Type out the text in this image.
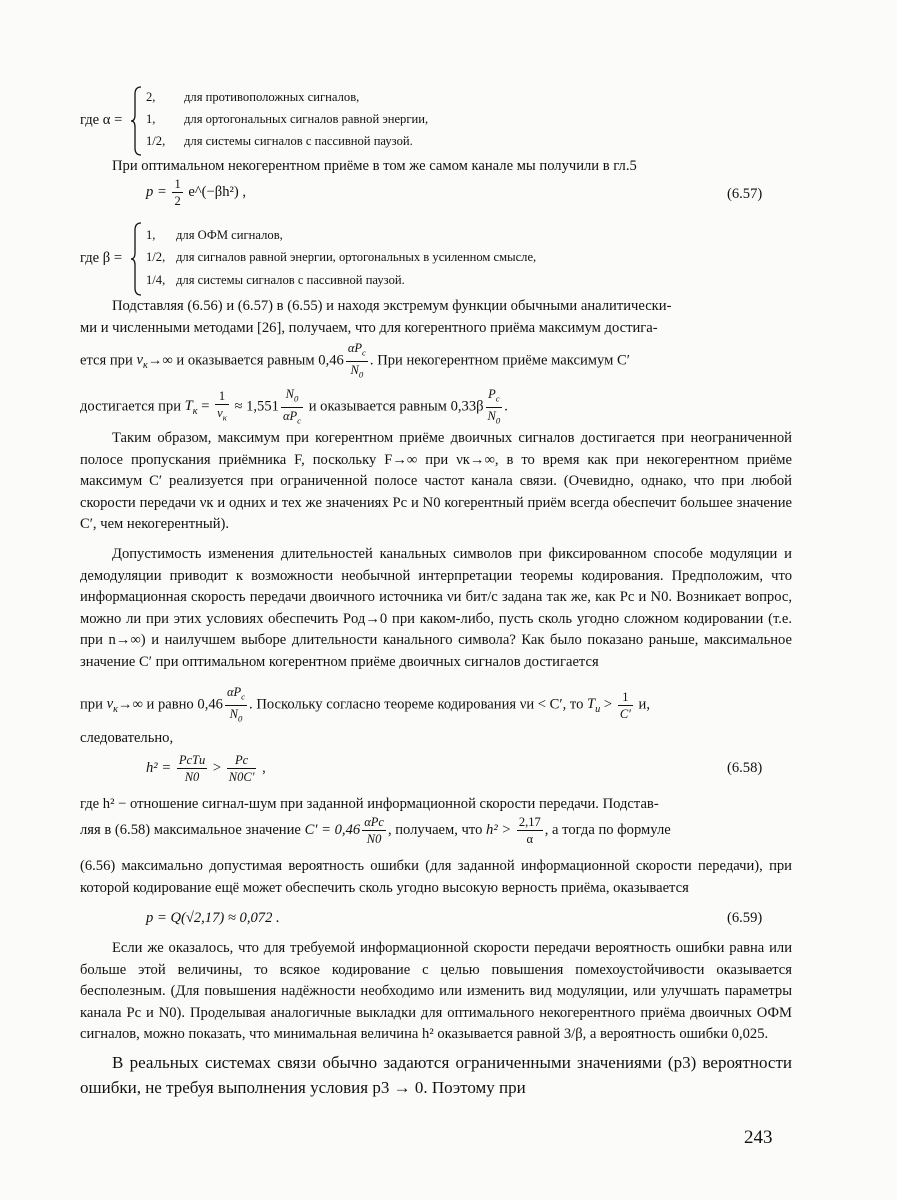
где α =
2, для противоположных сигналов,
1, для ортогональных сигналов равной энергии,
1/2, для системы сигналов с пассивной паузой.
При оптимальном некогерентном приёме в том же самом канале мы получили в гл.5
$p = \frac{1}{2}$ e^(−βh²) ,	(6.57)
где β =
1, для ОФМ сигналов,
1/2, для сигналов равной энергии, ортогональных в усиленном смысле,
1/4, для системы сигналов с пассивной паузой.

Подставляя (6.56) и (6.57) в (6.55) и находя экстремум функции обычными аналитически-

ми и численными методами [26], получаем, что для когерентного приёма максимум достига-

ется при $\nu_к\to\infty$ и оказывается равным $0,46 \frac{\alpha P_c}{N_0}$ . При некогерентном приёме максимум C′
достигается при $T_к = \frac{1}{\nu_к} \approx 1,551 \frac{N_0}{\alpha P_c}$ и оказывается равным $0,33\beta \frac{P_c}{N_0}$ .
Таким образом, максимум при когерентном приёме двоичных сигналов достигается при неограниченной полосе пропускания приёмника F, поскольку F→∞ при νк→∞, в то время как при некогерентном приёме максимум C′ реализуется при ограниченной полосе частот канала связи. (Очевидно, однако, что при любой скорости передачи νк и одних и тех же значениях Pc и N0 когерентный приём всегда обеспечит большее значение C′, чем некогерентный).
Допустимость изменения длительностей канальных символов при фиксированном способе модуляции и демодуляции приводит к возможности необычной интерпретации теоремы кодирования. Предположим, что информационная скорость передачи двоичного источника νи бит/с задана так же, как Pc и N0. Возникает вопрос, можно ли при этих условиях обеспечить Pод→0 при каком-либо, пусть сколь угодно сложном кодировании (т.е. при n→∞) и наилучшем выборе длительности канального символа? Как было показано раньше, максимальное значение C′ при оптимальном когерентном приёме двоичных сигналов достигается
при $\nu_к\to\infty$ и равно $0,46 \frac{\alpha P_c}{N_0}$ . Поскольку согласно теореме кодирования νи < C′, то $T_и > \frac{1}{C'} и$,
следовательно,
$h^2 = \frac{\text{PcTи}}{N0} > \frac{Pc}{N0C'}$ ,	(6.58)
где h² − отношение сигнал-шум при заданной информационной скорости передачи. Подстав-
ляя в (6.58) максимальное значение $C' = 0,46 \frac{\text{αPc}}{N0}$ , получаем, что $h^2 > \frac{2,17}{\alpha}$ , а тогда по формуле
(6.56) максимально допустимая вероятность ошибки (для заданной информационной скорости передачи), при которой кодирование ещё может обеспечить сколь угодно высокую верность приёма, оказывается
p = Q(√2,17) ≈ 0,072 .	(6.59)
Если же оказалось, что для требуемой информационной скорости передачи вероятность ошибки равна или больше этой величины, то всякое кодирование с целью повышения помехоустойчивости оказывается бесполезным. (Для повышения надёжности необходимо или изменить вид модуляции, или улучшать параметры канала Pc и N0). Проделывая аналогичные выкладки для оптимального некогерентного приёма двоичных ОФМ сигналов, можно показать, что минимальная величина h² оказывается равной 3/β, а вероятность ошибки 0,025.
В реальных системах связи обычно задаются ограниченными значениями (p3) вероятности ошибки, не требуя выполнения условия p3 → 0. Поэтому при
243
